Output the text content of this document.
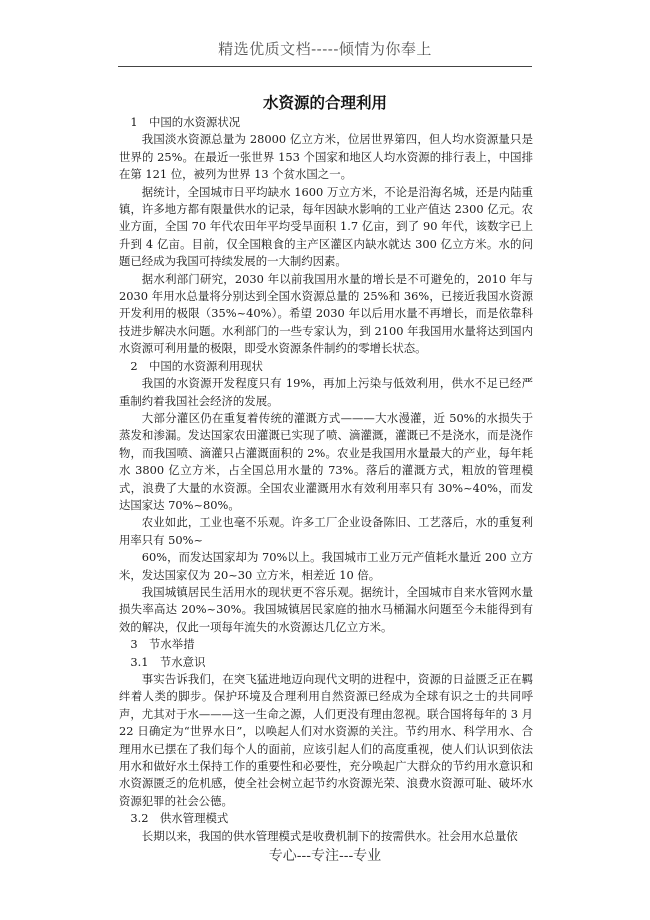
精选优质文档-----倾情为你奉上
水资源的合理利用

1　中国的水资源状况

我国淡水资源总量为 28000 亿立方米，位居世界第四，但人均水资源量只是世界的 25%。在最近一张世界 153 个国家和地区人均水资源的排行表上，中国排在第 121 位，被列为世界 13 个贫水国之一。

据统计，全国城市日平均缺水 1600 万立方米，不论是沿海名城，还是内陆重镇，许多地方都有限量供水的记录，每年因缺水影响的工业产值达 2300 亿元。农业方面，全国 70 年代农田年平均受旱面积 1.7 亿亩，到了 90 年代，该数字已上升到 4 亿亩。目前，仅全国粮食的主产区灌区内缺水就达 300 亿立方米。水的问题已经成为我国可持续发展的一大制约因素。

据水利部门研究，2030 年以前我国用水量的增长是不可避免的，2010 年与 2030 年用水总量将分别达到全国水资源总量的 25%和 36%，已接近我国水资源开发利用的极限（35%~40%）。希望 2030 年以后用水量不再增长，而是依靠科技进步解决水问题。水利部门的一些专家认为，到 2100 年我国用水量将达到国内水资源可利用量的极限，即受水资源条件制约的零增长状态。

2　中国的水资源利用现状

我国的水资源开发程度只有 19%，再加上污染与低效利用，供水不足已经严重制约着我国社会经济的发展。

大部分灌区仍在重复着传统的灌溉方式———大水漫灌，近 50%的水损失于蒸发和渗漏。发达国家农田灌溉已实现了喷、滴灌溉，灌溉已不是浇水，而是浇作物，而我国喷、滴灌只占灌溉面积的 2%。农业是我国用水量最大的产业，每年耗水 3800 亿立方米，占全国总用水量的 73%。落后的灌溉方式，粗放的管理模式，浪费了大量的水资源。全国农业灌溉用水有效利用率只有 30%~40%，而发达国家达 70%~80%。

农业如此，工业也毫不乐观。许多工厂企业设备陈旧、工艺落后，水的重复利用率只有 50%~

60%，而发达国家却为 70%以上。我国城市工业万元产值耗水量近 200 立方米，发达国家仅为 20~30 立方米，相差近 10 倍。

我国城镇居民生活用水的现状更不容乐观。据统计，全国城市自来水管网水量损失率高达 20%~30%。我国城镇居民家庭的抽水马桶漏水问题至今未能得到有效的解决，仅此一项每年流失的水资源达几亿立方米。

3　节水举措

3.1　节水意识

事实告诉我们，在突飞猛进地迈向现代文明的进程中，资源的日益匮乏正在羁绊着人类的脚步。保护环境及合理利用自然资源已经成为全球有识之士的共同呼声，尤其对于水———这一生命之源，人们更没有理由忽视。联合国将每年的 3 月 22 日确定为“世界水日”，以唤起人们对水资源的关注。节约用水、科学用水、合理用水已摆在了我们每个人的面前，应该引起人们的高度重视，使人们认识到依法用水和做好水土保持工作的重要性和必要性，充分唤起广大群众的节约用水意识和水资源匮乏的危机感，使全社会树立起节约水资源光荣、浪费水资源可耻、破坏水资源犯罪的社会公德。

3.2　供水管理模式

长期以来，我国的供水管理模式是收费机制下的按需供水。社会用水总量依

专心---专注---专业
